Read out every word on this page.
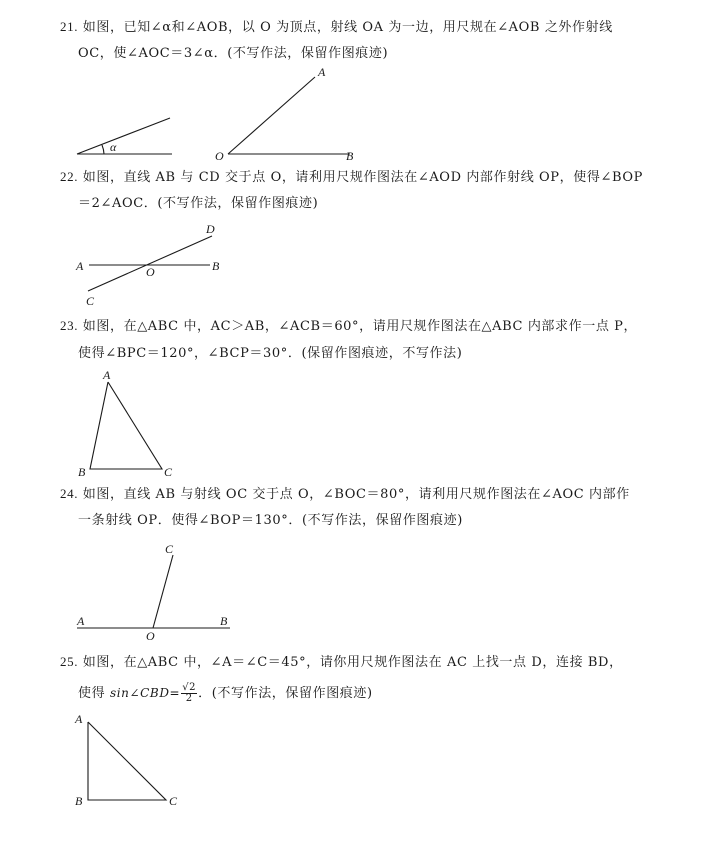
21. 如图，已知∠α和∠AOB，以 O 为顶点，射线 OA 为一边，用尺规在∠AOB 之外作射线
OC，使∠AOC＝3∠α．(不写作法，保留作图痕迹)
α
A
O	B
22. 如图，直线 AB 与 CD 交于点 O，请利用尺规作图法在∠AOD 内部作射线 OP，使得∠BOP
＝2∠AOC．(不写作法，保留作图痕迹)
A	B
C
D
O
23. 如图，在△ABC 中，AC＞AB，∠ACB＝60°，请用尺规作图法在△ABC 内部求作一点 P，
使得∠BPC＝120°，∠BCP＝30°．(保留作图痕迹，不写作法)
A
B	C
24. 如图，直线 AB 与射线 OC 交于点 O，∠BOC＝80°，请利用尺规作图法在∠AOC 内部作
一条射线 OP．使得∠BOP＝130°．(不写作法，保留作图痕迹)
C
A	B
O
25. 如图，在△ABC 中，∠A＝∠C＝45°，请你用尺规作图法在 AC 上找一点 D，连接 BD，
使得 sin∠CBD= $\frac{√2}{2}$ ．(不写作法，保留作图痕迹)
A
B	C
